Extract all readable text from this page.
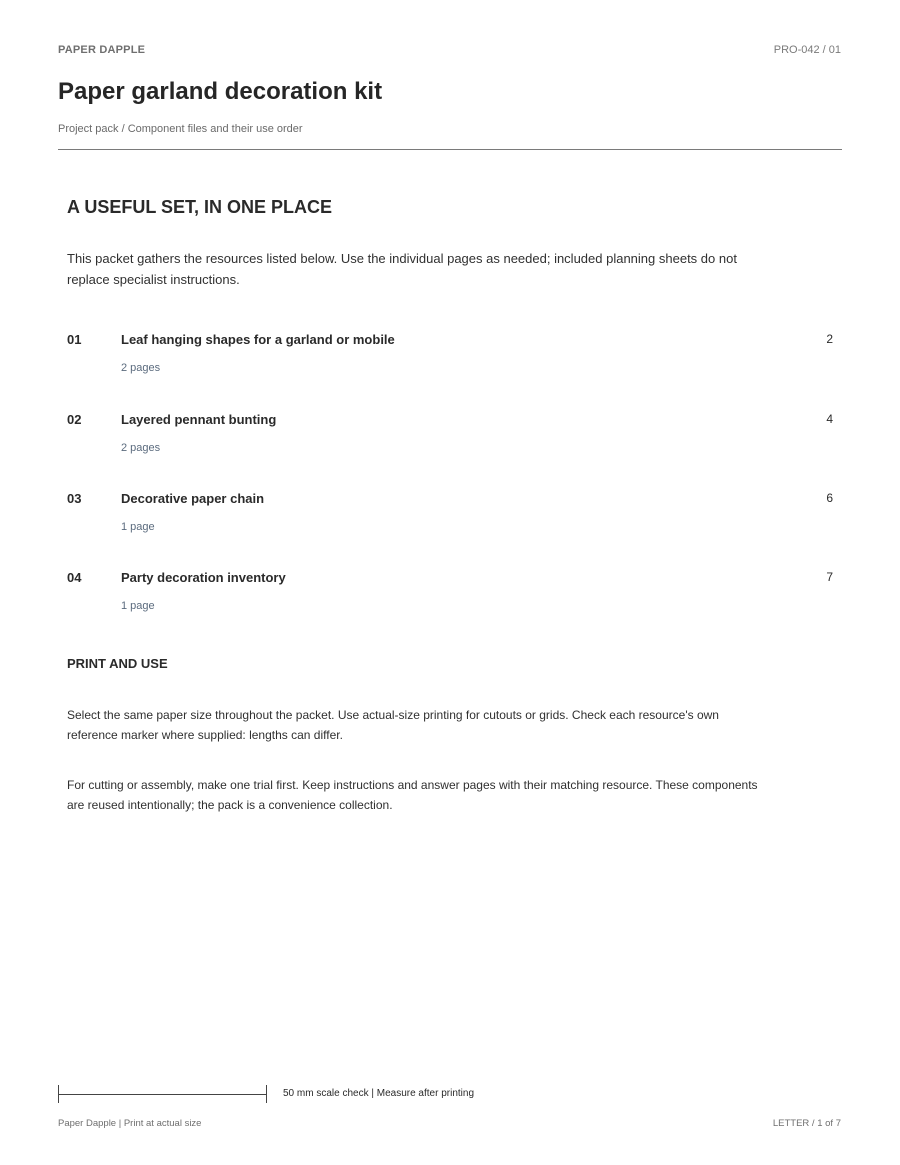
PAPER DAPPLE	PRO-042 / 01
Paper garland decoration kit
Project pack / Component files and their use order
A USEFUL SET, IN ONE PLACE

This packet gathers the resources listed below. Use the individual pages as needed; included planning sheets do not replace specialist instructions.

01	Leaf hanging shapes for a garland or mobile	2
2 pages
02	Layered pennant bunting	4
2 pages
03	Decorative paper chain	6
1 page
04	Party decoration inventory	7
1 page
PRINT AND USE

Select the same paper size throughout the packet. Use actual-size printing for cutouts or grids. Check each resource's own reference marker where supplied: lengths can differ.

For cutting or assembly, make one trial first. Keep instructions and answer pages with their matching resource. These components are reused intentionally; the pack is a convenience collection.

50 mm scale check | Measure after printing
Paper Dapple | Print at actual size	LETTER / 1 of 7
